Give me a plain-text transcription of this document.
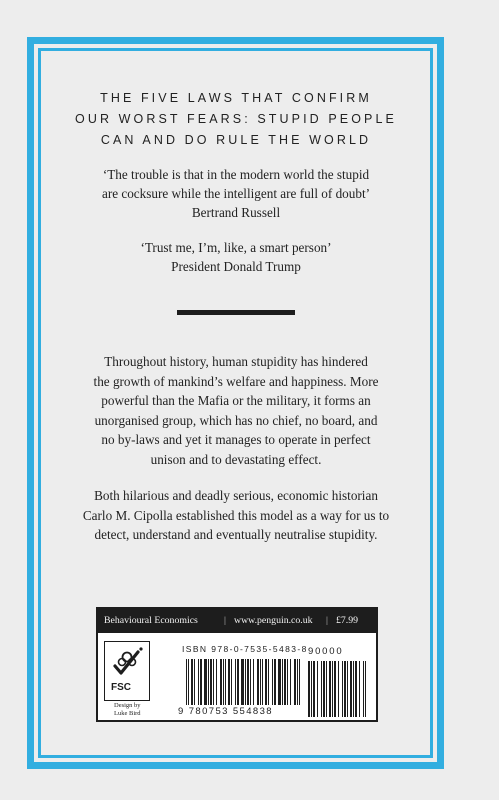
THE FIVE LAWS THAT CONFIRM
OUR WORST FEARS: STUPID PEOPLE
CAN AND DO RULE THE WORLD
‘The trouble is that in the modern world the stupid
are cocksure while the intelligent are full of doubt’
Bertrand Russell
‘Trust me, I’m, like, a smart person’
President Donald Trump
Throughout history, human stupidity has hindered
the growth of mankind’s welfare and happiness. More
powerful than the Mafia or the military, it forms an
unorganised group, which has no chief, no board, and
no by-laws and yet it manages to operate in perfect
unison and to devastating effect.
Both hilarious and deadly serious, economic historian
Carlo M. Cipolla established this model as a way for us to
detect, understand and eventually neutralise stupidity.
Behavioural Economics	| www.penguin.co.uk | £7.99
FSC
Design by
Luke Bird
ISBN 978-0-7535-5483-8
9 780753 554838
90000
